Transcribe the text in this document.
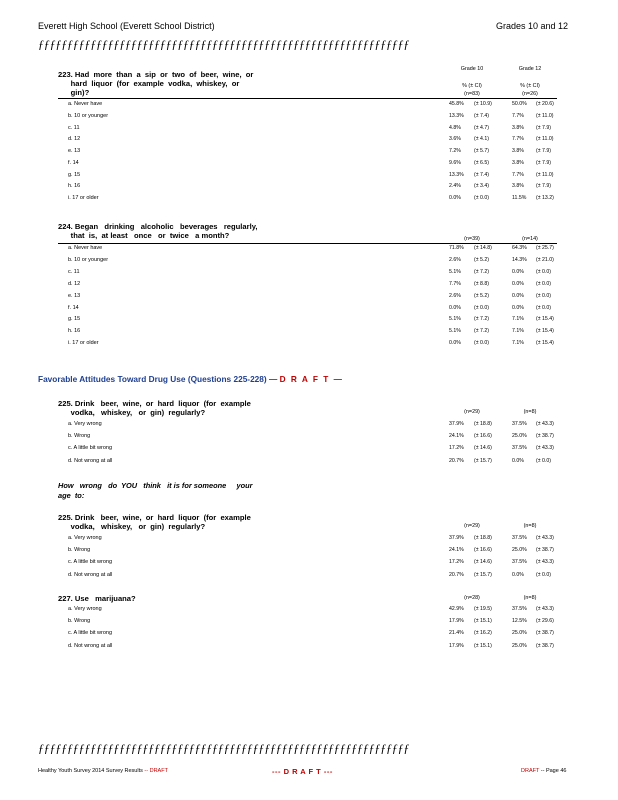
Everett High School (Everett School District)	Grades 10 and 12
ƒƒƒƒƒƒƒƒƒƒƒƒƒƒƒƒƒƒƒƒƒƒƒƒƒƒƒƒƒƒƒƒƒƒƒƒƒƒƒƒƒƒƒƒƒƒƒƒƒƒƒƒƒƒƒƒƒƒƒƒƒƒƒƒ
223. Had  more  than  a  sip  or  two  of  beer,  wine,  or
hard  liquor  (for  example  vodka,  whiskey,  or
gin)?
Grade 10	Grade 12
% (± CI)	% (± CI)
(n=83)	(n=26)
a. Never have	45.8% (± 10.9)	50.0% (± 20.6)
b. 10 or younger	13.3% (± 7.4)	7.7% (± 11.0)
c. 11	4.8%	(± 4.7)	3.8% (± 7.9)
d. 12	3.6%	(± 4.1)	7.7% (± 11.0)
e. 13	7.2%	(± 5.7)	3.8% (± 7.9)
f. 14	9.6%	(± 6.5)	3.8% (± 7.9)
g. 15	13.3% (± 7.4)	7.7% (± 11.0)
h. 16	2.4%	(± 3.4)	3.8% (± 7.9)
i. 17 or older	0.0%	(± 0.0)	11.5% (± 13.2)
224. Began   drinking   alcoholic   beverages   regularly,
that  is,  at least   once   or  twice   a month?	(n=39)	(n=14)
a. Never have	71.8% (± 14.8)	64.3% (± 25.7)
b. 10 or younger	2.6%	(± 5.2)	14.3% (± 21.0)
c. 11	5.1%	(± 7.2)	0.0% (± 0.0)
d. 12	7.7%	(± 8.8)	0.0% (± 0.0)
e. 13	2.6%	(± 5.2)	0.0% (± 0.0)
f. 14	0.0%	(± 0.0)	0.0% (± 0.0)
g. 15	5.1%	(± 7.2)	7.1% (± 15.4)
h. 16	5.1%	(± 7.2)	7.1% (± 15.4)
i. 17 or older	0.0%	(± 0.0)	7.1% (± 15.4)
Favorable Attitudes Toward Drug Use (Questions 225-228) — D R A F T —
225. Drink   beer,  wine,  or  hard  liquor  (for  example
vodka,   whiskey,   or  gin)  regularly?	(n=29)	(n=8)
a. Very wrong	37.9% (± 18.8)	37.5% (± 43.3)
b. Wrong	24.1% (± 16.6)	25.0% (± 38.7)
c. A little bit wrong	17.2% (± 14.6)	37.5% (± 43.3)
d. Not wrong at all	20.7% (± 15.7)	0.0% (± 0.0)
How   wrong   do  YOU   think   it is for someone     your
age  to:
225. Drink   beer,  wine,  or  hard  liquor  (for  example
vodka,   whiskey,   or  gin)  regularly?	(n=29)	(n=8)
a. Very wrong	37.9% (± 18.8)	37.5% (± 43.3)
b. Wrong	24.1% (± 16.6)	25.0% (± 38.7)
c. A little bit wrong	17.2% (± 14.6)	37.5% (± 43.3)
d. Not wrong at all	20.7% (± 15.7)	0.0% (± 0.0)
227. Use   marijuana?	(n=28)	(n=8)
a. Very wrong	42.9% (± 19.5)	37.5% (± 43.3)
b. Wrong	17.9% (± 15.1)	12.5% (± 29.6)
c. A little bit wrong	21.4% (± 16.2)	25.0% (± 38.7)
d. Not wrong at all	17.9% (± 15.1)	25.0% (± 38.7)
ƒƒƒƒƒƒƒƒƒƒƒƒƒƒƒƒƒƒƒƒƒƒƒƒƒƒƒƒƒƒƒƒƒƒƒƒƒƒƒƒƒƒƒƒƒƒƒƒƒƒƒƒƒƒƒƒƒƒƒƒƒƒƒƒ
Healthy Youth Survey 2014 Survey Results -- DRAFT	--- D R A F T ---	DRAFT -- Page 46
